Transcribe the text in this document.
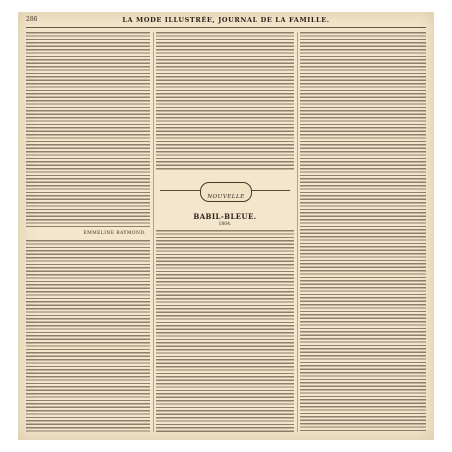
286	LA MODE ILLUSTRÉE, JOURNAL DE LA FAMILLE.
EMMELINE RAYMOND.
NOUVELLE
BABIL-BLEUE.
1864.
